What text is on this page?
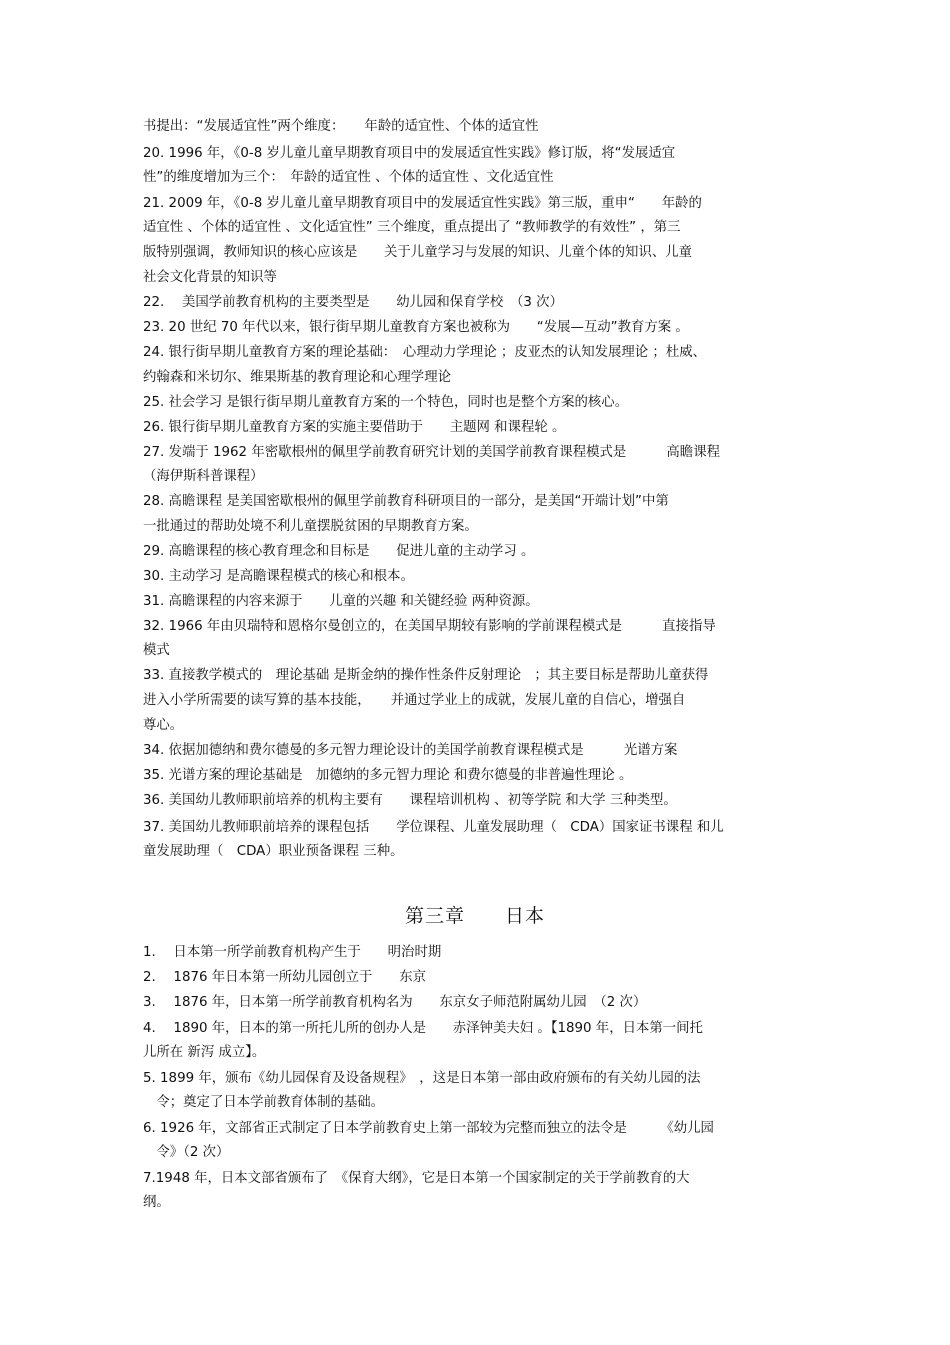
书提出：“发展适宜性”两个维度：　　年龄的适宜性、个体的适宜性
20. 1996 年，《0-8 岁儿童儿童早期教育项目中的发展适宜性实践》修订版，将“发展适宜
性”的维度增加为三个：　年龄的适宜性 、个体的适宜性 、文化适宜性
21. 2009 年，《0-8 岁儿童儿童早期教育项目中的发展适宜性实践》第三版，重申“　　年龄的
适宜性 、个体的适宜性 、文化适宜性” 三个维度，重点提出了 “教师教学的有效性” ，第三
版特别强调，教师知识的核心应该是　　关于儿童学习与发展的知识、儿童个体的知识、儿童
社会文化背景的知识等
22. 　美国学前教育机构的主要类型是　　幼儿园和保育学校　（3 次）
23. 20 世纪 70 年代以来，银行街早期儿童教育方案也被称为　　“发展—互动”教育方案 。
24. 银行街早期儿童教育方案的理论基础：　心理动力学理论 ；皮亚杰的认知发展理论 ；杜威、
约翰森和米切尔、维果斯基的教育理论和心理学理论
25. 社会学习 是银行街早期儿童教育方案的一个特色，同时也是整个方案的核心。
26. 银行街早期儿童教育方案的实施主要借助于　　主题网 和课程轮 。
27. 发端于 1962 年密歇根州的佩里学前教育研究计划的美国学前教育课程模式是　　　高瞻课程
（海伊斯科普课程）
28. 高瞻课程 是美国密歇根州的佩里学前教育科研项目的一部分，是美国“开端计划”中第
一批通过的帮助处境不利儿童摆脱贫困的早期教育方案。
29. 高瞻课程的核心教育理念和目标是　　促进儿童的主动学习 。
30. 主动学习 是高瞻课程模式的核心和根本。
31. 高瞻课程的内容来源于　　儿童的兴趣 和关键经验 两种资源。
32. 1966 年由贝瑞特和恩格尔曼创立的，在美国早期较有影响的学前课程模式是　　　直接指导
模式
33. 直接教学模式的　理论基础 是斯金纳的操作性条件反射理论　；其主要目标是帮助儿童获得
进入小学所需要的读写算的基本技能，　　并通过学业上的成就，发展儿童的自信心，增强自
尊心。
34. 依据加德纳和费尔德曼的多元智力理论设计的美国学前教育课程模式是　　　光谱方案
35. 光谱方案的理论基础是　加德纳的多元智力理论 和费尔德曼的非普遍性理论 。
36. 美国幼儿教师职前培养的机构主要有　　课程培训机构 、初等学院 和大学 三种类型。
37. 美国幼儿教师职前培养的课程包括　　学位课程、儿童发展助理（　CDA）国家证书课程 和儿
童发展助理（　CDA）职业预备课程 三种。
第三章　　日本
1. 　日本第一所学前教育机构产生于　　明治时期
2. 　1876 年日本第一所幼儿园创立于　　东京
3. 　1876 年，日本第一所学前教育机构名为　　东京女子师范附属幼儿园　（2 次）
4. 　1890 年，日本的第一所托儿所的创办人是　　赤泽钟美夫妇 。【1890 年，日本第一间托
儿所在 新泻 成立】。
5. 1899 年，颁布《幼儿园保育及设备规程》　，这是日本第一部由政府颁布的有关幼儿园的法
　令；奠定了日本学前教育体制的基础。
6. 1926 年，文部省正式制定了日本学前教育史上第一部较为完整而独立的法令是　　　《幼儿园
　令》（2 次）
7.1948 年，日本文部省颁布了　《保育大纲》，它是日本第一个国家制定的关于学前教育的大
纲。
